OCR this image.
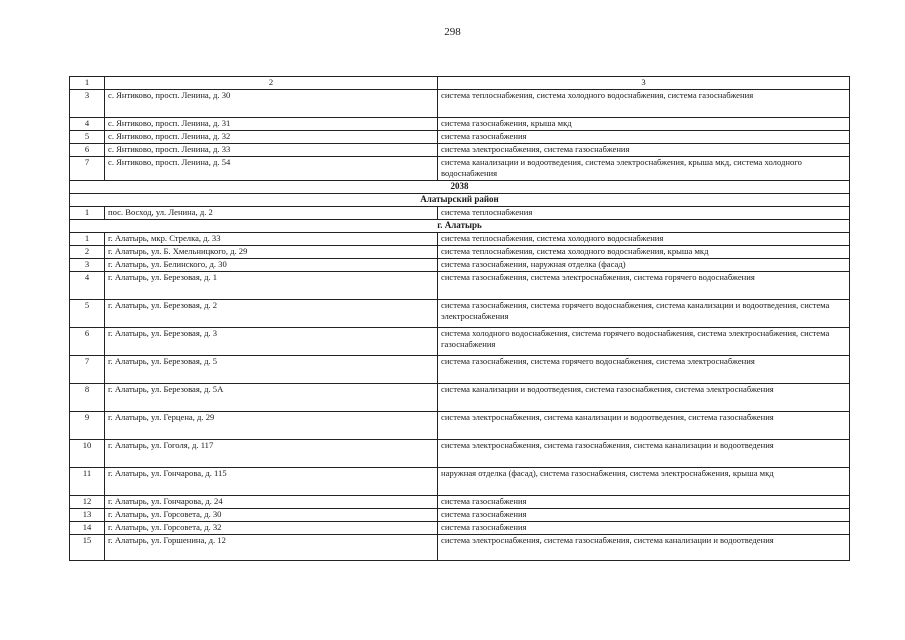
298
1	2	3
3	с. Янтиково, просп. Ленина, д. 30	система теплоснабжения, система холодного водоснабжения, система газоснабжения
4	с. Янтиково, просп. Ленина, д. 31	система газоснабжения, крыша мкд
5	с. Янтиково, просп. Ленина, д. 32	система газоснабжения
6	с. Янтиково, просп. Ленина, д. 33	система электроснабжения, система газоснабжения
7	с. Янтиково, просп. Ленина, д. 54	система канализации и водоотведения, система электроснабжения, крыша мкд, система холодного водоснабжения
2038		
Алатырский район		
1	пос. Восход, ул. Ленина, д. 2	система теплоснабжения
г. Алатырь		
1	г. Алатырь, мкр. Стрелка, д. 33	система теплоснабжения, система холодного водоснабжения
2	г. Алатырь, ул. Б. Хмельницкого, д. 29	система теплоснабжения, система холодного водоснабжения, крыша мкд
3	г. Алатырь, ул. Белинского, д. 30	система газоснабжения, наружная отделка (фасад)
4	г. Алатырь, ул. Березовая, д. 1	система газоснабжения, система электроснабжения, система горячего водоснабжения
5	г. Алатырь, ул. Березовая, д. 2	система газоснабжения, система горячего водоснабжения, система канализации и водоотведения, система электроснабжения
6	г. Алатырь, ул. Березовая, д. 3	система холодного водоснабжения, система горячего водоснабжения, система электроснабжения, система газоснабжения
7	г. Алатырь, ул. Березовая, д. 5	система газоснабжения, система горячего водоснабжения, система электроснабжения
8	г. Алатырь, ул. Березовая, д. 5А	система канализации и водоотведения, система газоснабжения, система электроснабжения
9	г. Алатырь, ул. Герцена, д. 29	система электроснабжения, система канализации и водоотведения, система газоснабжения
10	г. Алатырь, ул. Гоголя, д. 117	система электроснабжения, система газоснабжения, система канализации и водоотведения
11	г. Алатырь, ул. Гончарова, д. 115	наружная отделка (фасад), система газоснабжения, система электроснабжения, крыша мкд
12	г. Алатырь, ул. Гончарова, д. 24	система газоснабжения
13	г. Алатырь, ул. Горсовета, д. 30	система газоснабжения
14	г. Алатырь, ул. Горсовета, д. 32	система газоснабжения
15	г. Алатырь, ул. Горшенина, д. 12	система электроснабжения, система газоснабжения, система канализации и водоотведения
